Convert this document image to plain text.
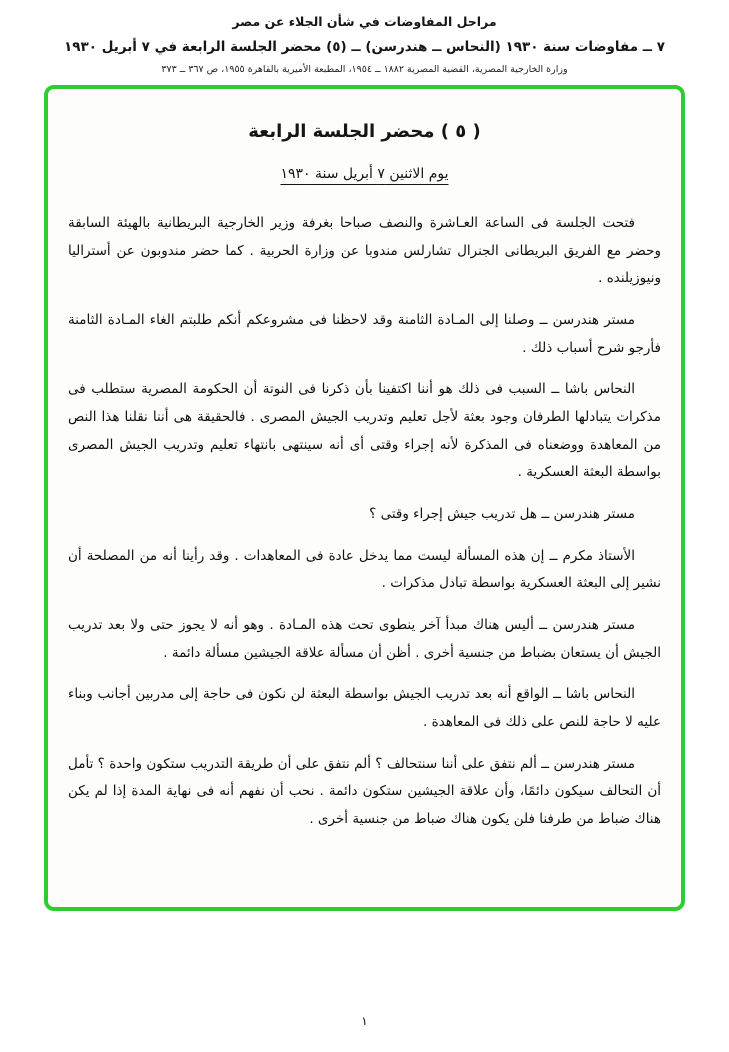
مراحل المفاوضات في شأن الجلاء عن مصر
٧ ــ مفاوضات سنة ١٩٣٠ (النحاس ــ هندرسن) ــ (٥) محضر الجلسة الرابعة في ٧ أبريل ١٩٣٠
وزارة الخارجية المصرية، القضية المصرية ١٨٨٢ ــ ١٩٥٤، المطبعة الأميرية بالقاهرة ١٩٥٥، ص ٣٦٧ ــ ٣٧٣
( ٥ ) محضر الجلسة الرابعة
يوم الاثنين ٧ أبريل سنة ١٩٣٠

فتحت الجلسة فى الساعة العـاشرة والنصف صباحا بغرفة وزير الخارجية البريطانية بالهيئة السابقة وحضر مع الفريق البريطانى الجنرال تشارلس مندوبا عن وزارة الحربية . كما حضر مندوبون عن أستراليا ونيوزيلنده .

مستر هندرسن ــ وصلنا إلى المـادة الثامنة وقد لاحظنا فى مشروعكم أنكم طلبتم الغاء المـادة الثامنة فأرجو شرح أسباب ذلك .

النحاس باشا ــ السبب فى ذلك هو أننا اكتفينا بأن ذكرنا فى النوتة أن الحكومة المصرية ستطلب فى مذكرات يتبادلها الطرفان وجود بعثة لأجل تعليم وتدريب الجيش المصرى . فالحقيقة هى أننا نقلنا هذا النص من المعاهدة ووضعناه فى المذكرة لأنه إجراء وقتى أى أنه سينتهى بانتهاء تعليم وتدريب الجيش المصرى بواسطة البعثة العسكرية .

مستر هندرسن ــ هل تدريب جيش إجراء وقتى ؟

الأستاذ مكرم ــ إن هذه المسألة ليست مما يدخل عادة فى المعاهدات . وقد رأينا أنه من المصلحة أن نشير إلى البعثة العسكرية بواسطة تبادل مذكرات .

مستر هندرسن ــ أليس هناك مبدأ آخر ينطوى تحت هذه المـادة . وهو أنه لا يجوز حتى ولا بعد تدريب الجيش أن يستعان بضباط من جنسية أخرى . أظن أن مسألة علاقة الجيشين مسألة دائمة .

النحاس باشا ــ الواقع أنه بعد تدريب الجيش بواسطة البعثة لن نكون فى حاجة إلى مدربين أجانب وبناء عليه لا حاجة للنص على ذلك فى المعاهدة .

مستر هندرسن ــ ألم نتفق على أننا سنتحالف ؟ ألم نتفق على أن طريقة التدريب ستكون واحدة ؟ تأمل أن التحالف سيكون دائمًا، وأن علاقة الجيشين ستكون دائمة . نحب أن نفهم أنه فى نهاية المدة إذا لم يكن هناك ضباط من طرفنا فلن يكون هناك ضباط من جنسية أخرى .

١
